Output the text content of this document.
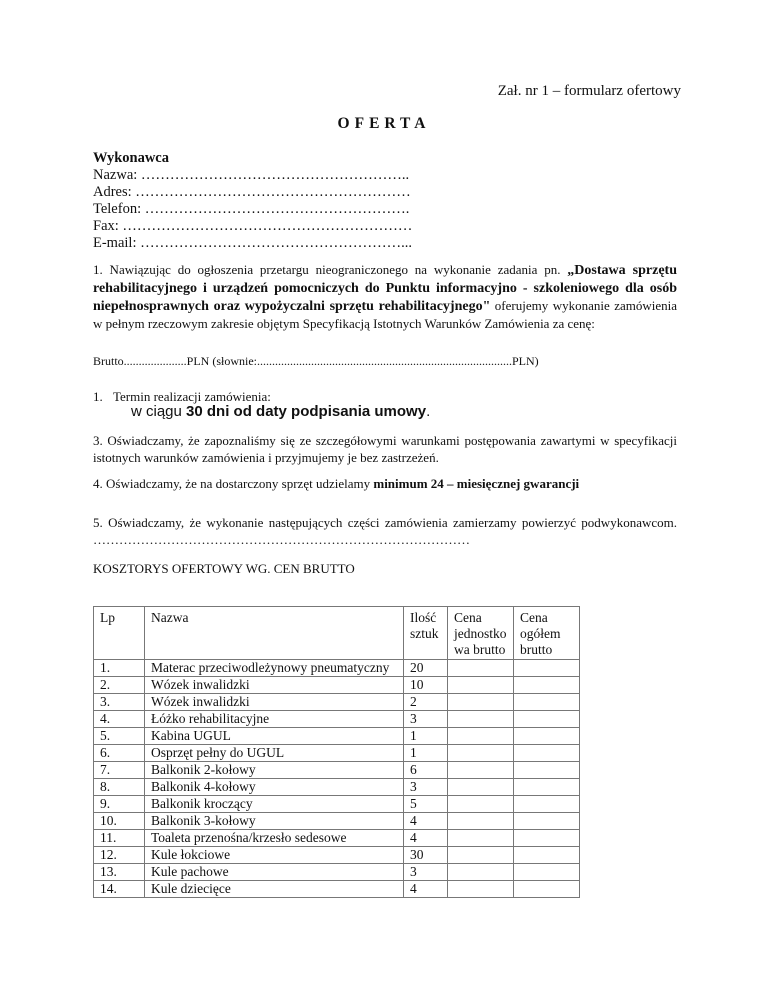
Zał. nr 1 – formularz ofertowy
OFERTA
Wykonawca
Nazwa: ………………………………………………..
Adres: …………………………………………………
Telefon: ……………………………………………….
Fax: ……………………………………………………
E-mail: ………………………………………………...
1. Nawiązując do ogłoszenia przetargu nieograniczonego na wykonanie zadania pn. „Dostawa sprzętu rehabilitacyjnego i urządzeń pomocniczych do Punktu informacyjno - szkoleniowego dla osób niepełnosprawnych oraz wypożyczalni sprzętu rehabilitacyjnego" oferujemy wykonanie zamówienia w pełnym rzeczowym zakresie objętym Specyfikacją Istotnych Warunków Zamówienia za cenę:
Brutto.....................PLN (słownie:.....................................................................................PLN)
1. Termin realizacji zamówienia:
w ciągu 30 dni od daty podpisania umowy.
3. Oświadczamy, że zapoznaliśmy się ze szczegółowymi warunkami postępowania zawartymi w specyfikacji istotnych warunków zamówienia i przyjmujemy je bez zastrzeżeń.
4. Oświadczamy, że na dostarczony sprzęt udzielamy minimum 24 – miesięcznej gwarancji
5. Oświadczamy, że wykonanie następujących części zamówienia zamierzamy powierzyć podwykonawcom. ……………………………………………………………………………
KOSZTORYS OFERTOWY WG. CEN BRUTTO
Lp	Nazwa	Ilość sztuk	Cena jednostko wa brutto	Cena ogółem brutto
1.	Materac przeciwodleżynowy pneumatyczny	20		
2.	Wózek inwalidzki	10		
3.	Wózek inwalidzki	2		
4.	Łóżko rehabilitacyjne	3		
5.	Kabina UGUL	1		
6.	Osprzęt pełny do UGUL	1		
7.	Balkonik 2-kołowy	6		
8.	Balkonik 4-kołowy	3		
9.	Balkonik kroczący	5		
10.	Balkonik 3-kołowy	4		
11.	Toaleta przenośna/krzesło sedesowe	4		
12.	Kule łokciowe	30		
13.	Kule pachowe	3		
14.	Kule dziecięce	4		
